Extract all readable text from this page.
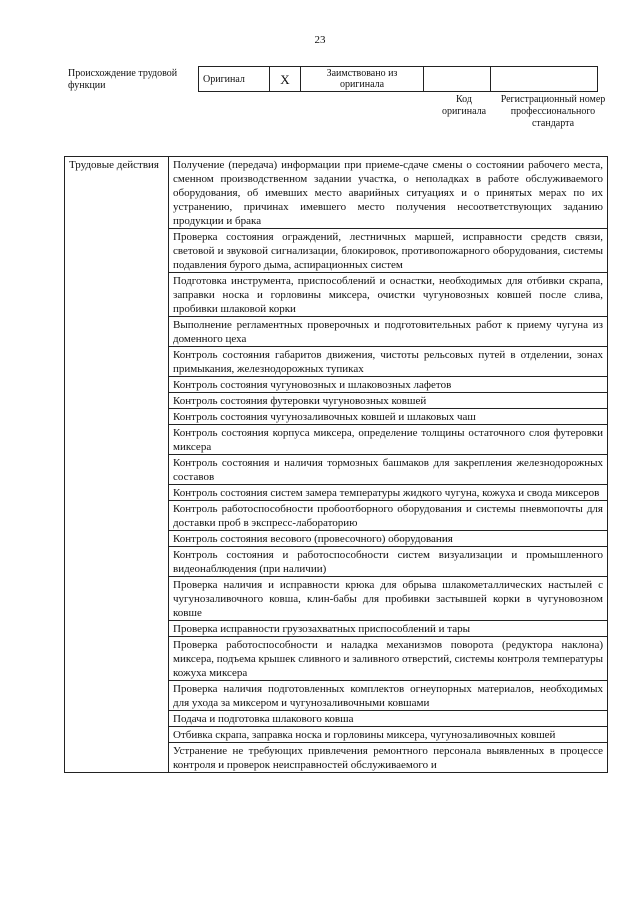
23
Происхождение трудовой функции
Оригинал	X	Заимствовано из оригинала		
Код оригинала
Регистрационный номер профессионального стандарта
Трудовые действия	Получение (передача) информации при приеме-сдаче смены о состоянии рабочего места, сменном производственном задании участка, о неполадках в работе обслуживаемого оборудования, об имевших место аварийных ситуациях и о принятых мерах по их устранению, причинах имевшего место получения несоответствующих заданию продукции и брака
Проверка состояния ограждений, лестничных маршей, исправности средств связи, световой и звуковой сигнализации, блокировок, противопожарного оборудования, системы подавления бурого дыма, аспирационных систем
Подготовка инструмента, приспособлений и оснастки, необходимых для отбивки скрапа, заправки носка и горловины миксера, очистки чугуновозных ковшей после слива, пробивки шлаковой корки
Выполнение регламентных проверочных и подготовительных работ к приему чугуна из доменного цеха
Контроль состояния габаритов движения, чистоты рельсовых путей в отделении, зонах примыкания, железнодорожных тупиках
Контроль состояния чугуновозных и шлаковозных лафетов
Контроль состояния футеровки чугуновозных ковшей
Контроль состояния чугунозаливочных ковшей и шлаковых чаш
Контроль состояния корпуса миксера, определение толщины остаточного слоя футеровки миксера
Контроль состояния и наличия тормозных башмаков для закрепления железнодорожных составов
Контроль состояния систем замера температуры жидкого чугуна, кожуха и свода миксеров
Контроль работоспособности пробоотборного оборудования и системы пневмопочты для доставки проб в экспресс-лабораторию
Контроль состояния весового (провесочного) оборудования
Контроль состояния и работоспособности систем визуализации и промышленного видеонаблюдения (при наличии)
Проверка наличия и исправности крюка для обрыва шлакометаллических настылей с чугунозаливочного ковша, клин-бабы для пробивки застывшей корки в чугуновозном ковше
Проверка исправности грузозахватных приспособлений и тары
Проверка работоспособности и наладка механизмов поворота (редуктора наклона) миксера, подъема крышек сливного и заливного отверстий, системы контроля температуры кожуха миксера
Проверка наличия подготовленных комплектов огнеупорных материалов, необходимых для ухода за миксером и чугунозаливочными ковшами
Подача и подготовка шлакового ковша
Отбивка скрапа, заправка носка и горловины миксера, чугунозаливочных ковшей
Устранение не требующих привлечения ремонтного персонала выявленных в процессе контроля и проверок неисправностей обслуживаемого и
